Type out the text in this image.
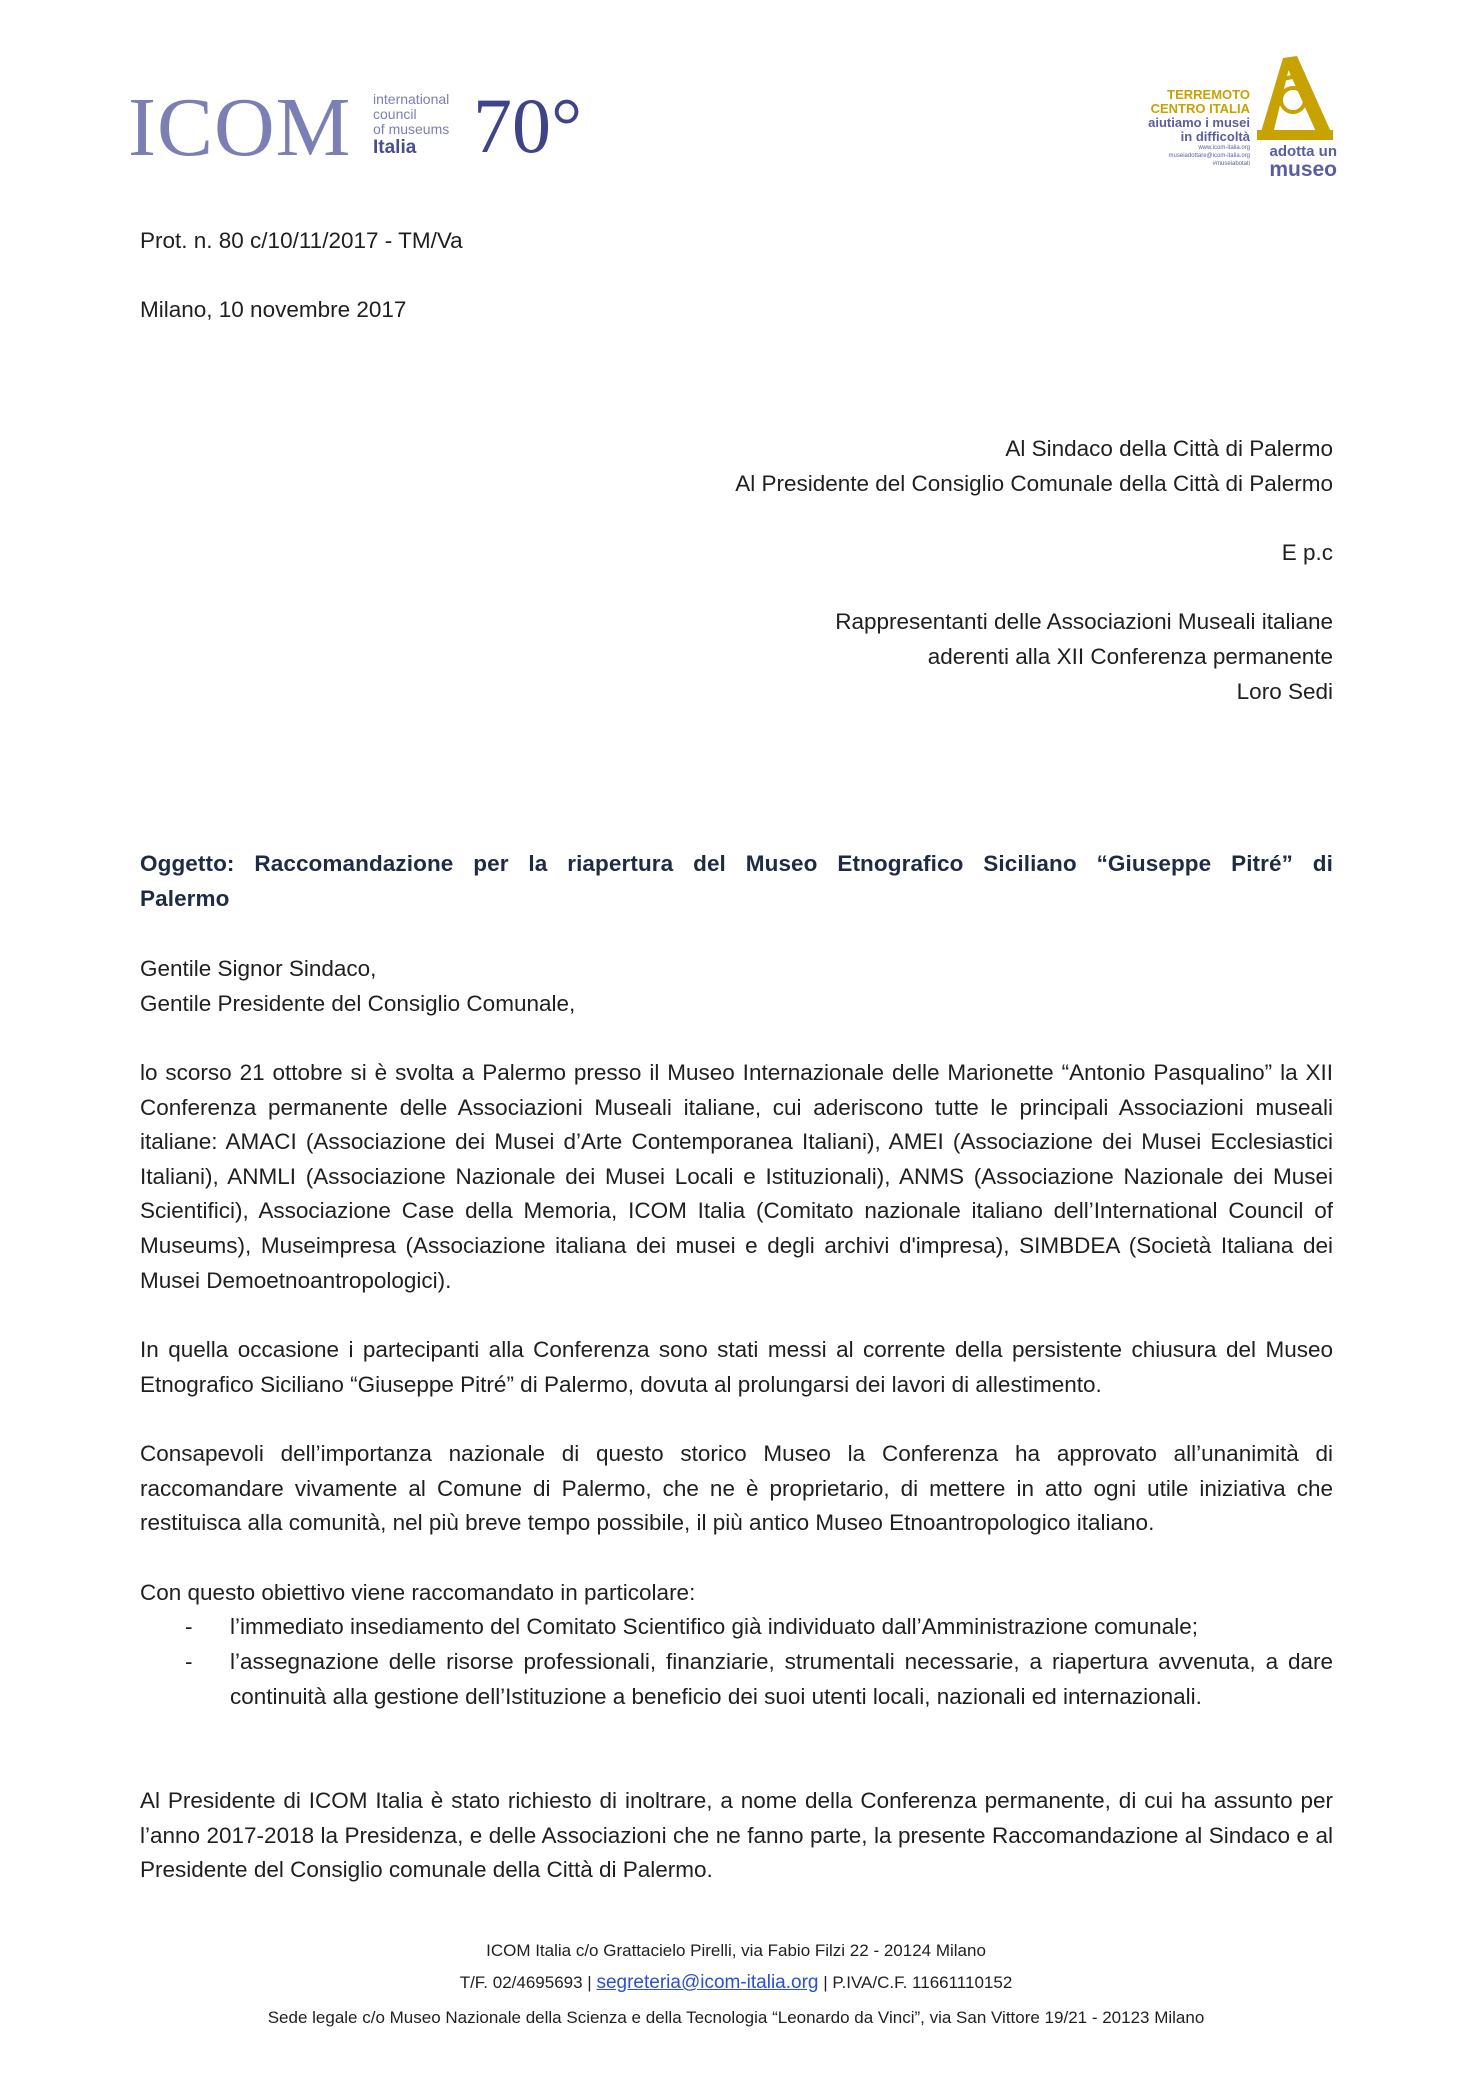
ICOM international
council
of museums
Italia 70°	TERREMOTO
CENTRO ITALIA
aiutiamo i musei
in difficoltà
www.icom-italia.org
museiadottare@icom-italia.org
#museiabotati
adotta un
museo
Prot. n. 80 c/10/11/2017 - TM/Va
Milano, 10 novembre 2017
Al Sindaco della Città di Palermo
Al Presidente del Consiglio Comunale della Città di Palermo
E p.c
Rappresentanti delle Associazioni Museali italiane
aderenti alla XII Conferenza permanente
Loro Sedi
Oggetto: Raccomandazione per la riapertura del Museo Etnografico Siciliano “Giuseppe Pitré” di
Palermo
Gentile Signor Sindaco,
Gentile Presidente del Consiglio Comunale,
lo scorso 21 ottobre si è svolta a Palermo presso il Museo Internazionale delle Marionette “Antonio Pasqualino” la XII Conferenza permanente delle Associazioni Museali italiane, cui aderiscono tutte le principali Associazioni museali italiane: AMACI (Associazione dei Musei d’Arte Contemporanea Italiani), AMEI (Associazione dei Musei Ecclesiastici Italiani), ANMLI (Associazione Nazionale dei Musei Locali e Istituzionali), ANMS (Associazione Nazionale dei Musei Scientifici), Associazione Case della Memoria, ICOM Italia (Comitato nazionale italiano dell’International Council of Museums), Museimpresa (Associazione italiana dei musei e degli archivi d'impresa), SIMBDEA (Società Italiana dei Musei Demoetnoantropologici).
In quella occasione i partecipanti alla Conferenza sono stati messi al corrente della persistente chiusura del Museo Etnografico Siciliano “Giuseppe Pitré” di Palermo, dovuta al prolungarsi dei lavori di allestimento.
Consapevoli dell’importanza nazionale di questo storico Museo la Conferenza ha approvato all’unanimità di raccomandare vivamente al Comune di Palermo, che ne è proprietario, di mettere in atto ogni utile iniziativa che restituisca alla comunità, nel più breve tempo possibile, il più antico Museo Etnoantropologico italiano.
Con questo obiettivo viene raccomandato in particolare:
- l’immediato insediamento del Comitato Scientifico già individuato dall’Amministrazione comunale;
- l’assegnazione delle risorse professionali, finanziarie, strumentali necessarie, a riapertura avvenuta, a dare continuità alla gestione dell’Istituzione a beneficio dei suoi utenti locali, nazionali ed internazionali.
Al Presidente di ICOM Italia è stato richiesto di inoltrare, a nome della Conferenza permanente, di cui ha assunto per l’anno 2017-2018 la Presidenza, e delle Associazioni che ne fanno parte, la presente Raccomandazione al Sindaco e al Presidente del Consiglio comunale della Città di Palermo.
ICOM Italia c/o Grattacielo Pirelli, via Fabio Filzi 22 - 20124 Milano
T/F. 02/4695693 | segreteria@icom-italia.org | P.IVA/C.F. 11661110152
Sede legale c/o Museo Nazionale della Scienza e della Tecnologia “Leonardo da Vinci”, via San Vittore 19/21 - 20123 Milano
